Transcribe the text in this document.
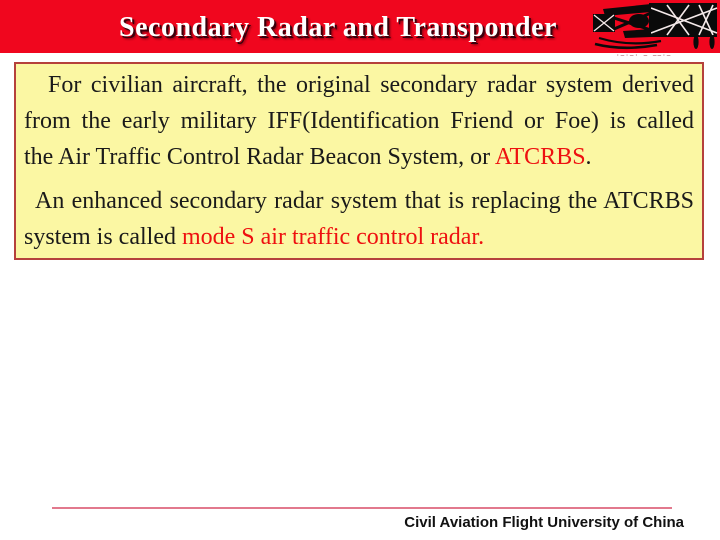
Secondary Radar and Transponder
·–·–· – ––·–
For civilian aircraft, the original secondary radar system derived
from the early military IFF(Identification Friend or Foe) is called
the Air Traffic Control Radar Beacon System, or ATCRBS.
An enhanced secondary radar system that is replacing the ATCRBS
system is called mode S air traffic control radar.
Civil Aviation Flight University of China
